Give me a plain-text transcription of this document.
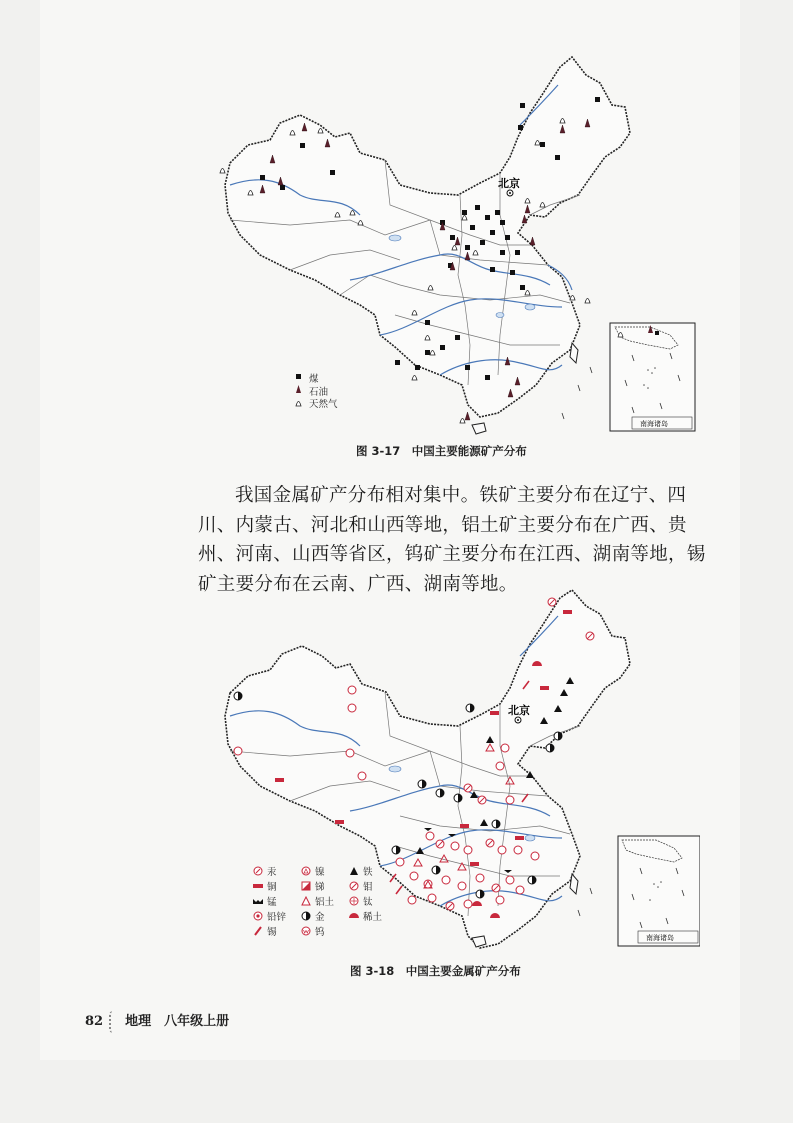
北京
南海诸岛
煤
石油
天然气
图 3-17　中国主要能源矿产分布

我国金属矿产分布相对集中。铁矿主要分布在辽宁、四川、内蒙古、河北和山西等地，铝土矿主要分布在广西、贵州、河南、山西等省区，钨矿主要分布在江西、湖南等地，锡矿主要分布在云南、广西、湖南等地。

北京
南海诸岛
汞	镍	铁
铜	锑	钼
锰	铝土	钛
铅锌	金	稀土
锡	钨
图 3-18　中国主要金属矿产分布
82 地理　八年级上册
